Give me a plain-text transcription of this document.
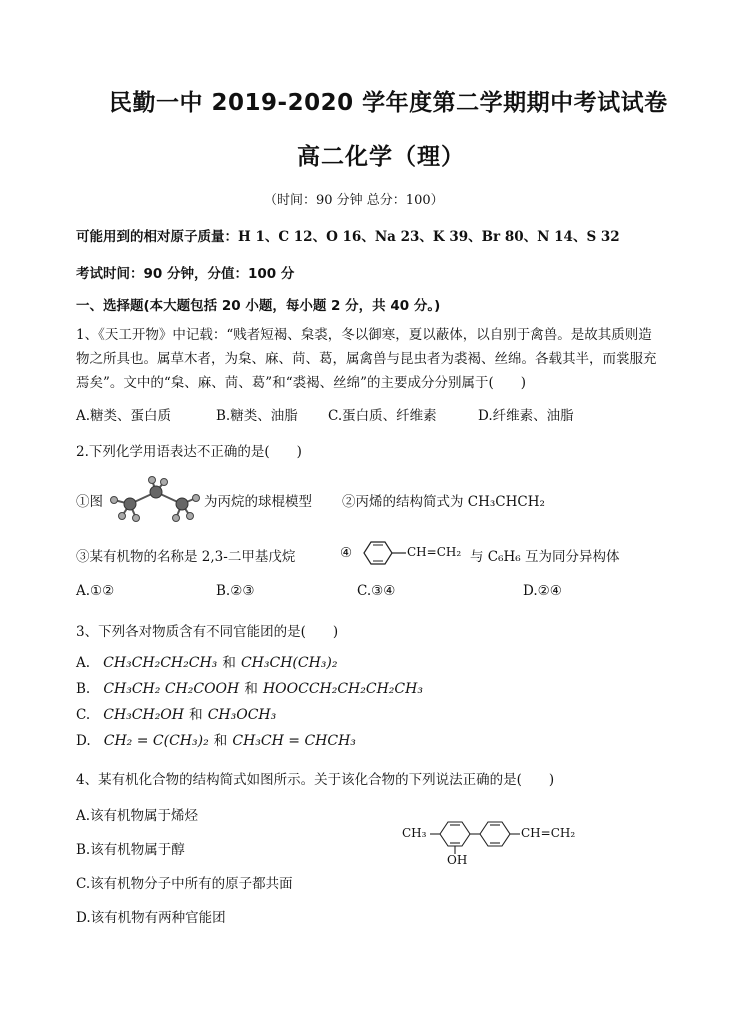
民勤一中 2019-2020 学年度第二学期期中考试试卷
高二化学（理）
（时间：90 分钟 总分：100）
可能用到的相对原子质量：H 1、C 12、O 16、Na 23、K 39、Br 80、N 14、S 32
考试时间：90 分钟，分值：100 分
一、选择题(本大题包括 20 小题，每小题 2 分，共 40 分。)
1、《天工开物》中记载：“贱者短褐、枲裘，冬以御寒，夏以蔽体，以自别于禽兽。是故其质则造物之所具也。属草木者，为枲、麻、苘、葛，属禽兽与昆虫者为裘褐、丝绵。各载其半，而裳服充焉矣”。文中的“枲、麻、苘、葛”和“裘褐、丝绵”的主要成分分别属于(　　)
A.糖类、蛋白质	B.糖类、油脂 C.蛋白质、纤维素	D.纤维素、油脂
2.下列化学用语表达不正确的是(　　)
①图	为丙烷的球棍模型 ②丙烯的结构简式为 CH₃CHCH₂
③某有机物的名称是 2,3-二甲基戊烷	④	CH=CH₂ 与 C₆H₆ 互为同分异构体
A.①②	B.②③	C.③④	D.②④
3、下列各对物质含有不同官能团的是(　　)
A. CH₃CH₂CH₂CH₃ 和 CH₃CH(CH₃)₂
B. CH₃CH₂ CH₂COOH 和 HOOCCH₂CH₂CH₂CH₃
C. CH₃CH₂OH 和 CH₃OCH₃
D. CH₂ = C(CH₃)₂ 和 CH₃CH = CHCH₃
4、某有机化合物的结构简式如图所示。关于该化合物的下列说法正确的是(　　)
A.该有机物属于烯烃
B.该有机物属于醇
C.该有机物分子中所有的原子都共面
D.该有机物有两种官能团
CH₃
OH
CH=CH₂
